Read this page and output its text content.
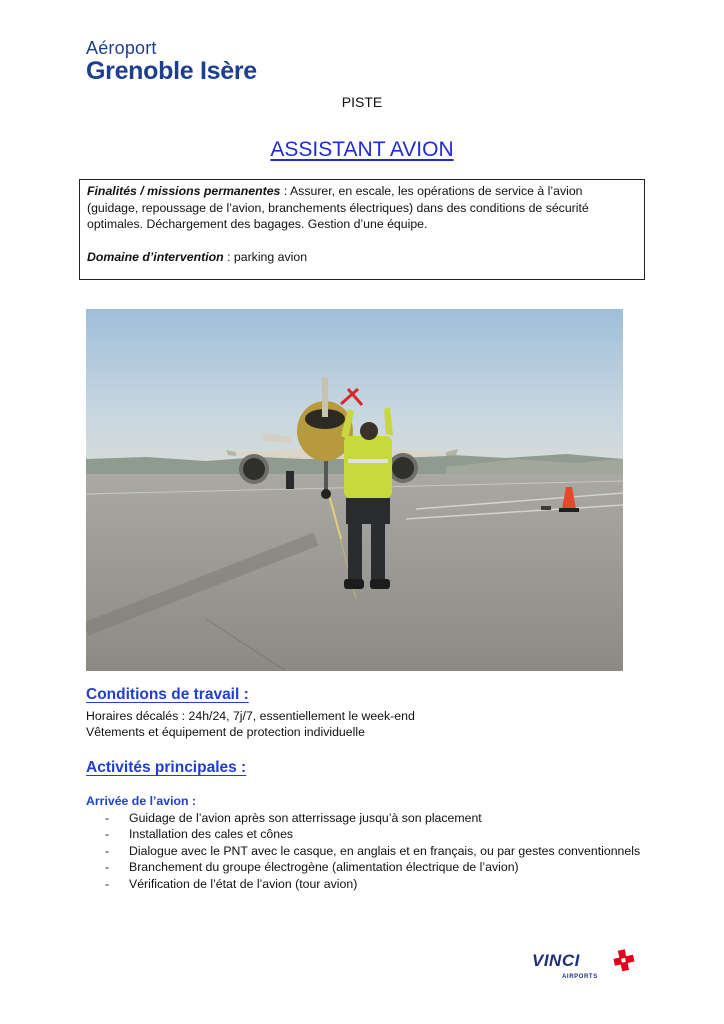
Aéroport
Grenoble Isère
PISTE
ASSISTANT AVION

Finalités / missions permanentes : Assurer, en escale, les opérations de service à l’avion (guidage, repoussage de l’avion, branchements électriques) dans des conditions de sécurité optimales. Déchargement des bagages. Gestion d’une équipe.

Domaine d’intervention : parking avion

Conditions de travail :
Horaires décalés : 24h/24, 7j/7, essentiellement le week-end
Vêtements et équipement de protection individuelle
Activités principales :
Arrivée de l’avion :
- Guidage de l’avion après son atterrissage jusqu’à son placement
- Installation des cales et cônes
- Dialogue avec le PNT avec le casque, en anglais et en français, ou par gestes conventionnels
- Branchement du groupe électrogène (alimentation électrique de l’avion)
- Vérification de l’état de l’avion (tour avion)
VINCI
AIRPORTS
